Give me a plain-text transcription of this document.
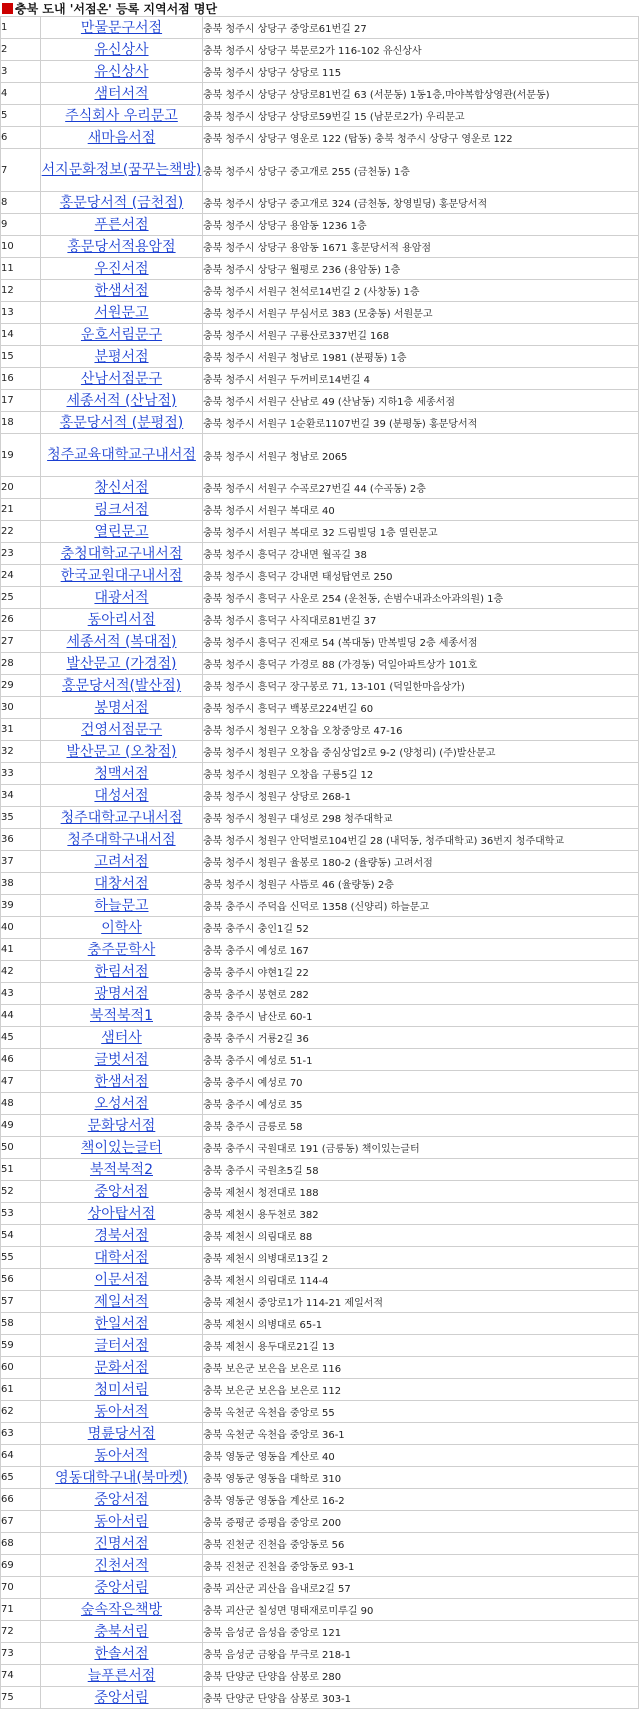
충북 도내 '서점온' 등록 지역서점 명단
1	만물문구서점	충북 청주시 상당구 중앙로61번길 27
2	유신상사	충북 청주시 상당구 북문로2가 116-102 유신상사
3	유신상사	충북 청주시 상당구 상당로 115
4	샘터서적	충북 청주시 상당구 상당로81번길 63 (서문동) 1동1층,마야복합상영관(서문동)
5	주식회사 우리문고	충북 청주시 상당구 상당로59번길 15 (남문로2가) 우리문고
6	새마음서점	충북 청주시 상당구 영운로 122 (탑동) 충북 청주시 상당구 영운로 122
7	서지문화정보(꿈꾸는책방)	충북 청주시 상당구 중고개로 255 (금천동) 1층
8	홍문당서적 (금천점)	충북 청주시 상당구 중고개로 324 (금천동, 창영빌딩) 홍문당서적
9	푸른서점	충북 청주시 상당구 용암동 1236 1층
10	홍문당서적용암점	충북 청주시 상당구 용암동 1671 홍문당서적 용암점
11	우진서점	충북 청주시 상당구 월평로 236 (용암동) 1층
12	한샘서점	충북 청주시 서원구 천석로14번길 2 (사창동) 1층
13	서원문고	충북 청주시 서원구 무심서로 383 (모충동) 서원문고
14	운호서림문구	충북 청주시 서원구 구룡산로337번길 168
15	분평서점	충북 청주시 서원구 청남로 1981 (분평동) 1층
16	산남서점문구	충북 청주시 서원구 두꺼비로14번길 4
17	세종서적 (산남점)	충북 청주시 서원구 산남로 49 (산남동) 지하1층 세종서점
18	홍문당서적 (분평점)	충북 청주시 서원구 1순환로1107번길 39 (분평동) 홍문당서적
19	청주교육대학교구내서점	충북 청주시 서원구 청남로 2065
20	창신서점	충북 청주시 서원구 수곡로27번길 44 (수곡동) 2층
21	링크서점	충북 청주시 서원구 복대로 40
22	열린문고	충북 청주시 서원구 복대로 32 드림빌딩 1층 열린문고
23	충청대학교구내서점	충북 청주시 흥덕구 강내면 월곡길 38
24	한국교원대구내서점	충북 청주시 흥덕구 강내면 태성탑연로 250
25	대광서적	충북 청주시 흥덕구 사운로 254 (운천동, 손범수내과소아과의원) 1층
26	동아리서점	충북 청주시 흥덕구 사직대로81번길 37
27	세종서적 (복대점)	충북 청주시 흥덕구 진재로 54 (복대동) 만복빌딩 2층 세종서점
28	발산문고 (가경점)	충북 청주시 흥덕구 가경로 88 (가경동) 덕일아파트상가 101호
29	홍문당서적(발산점)	충북 청주시 흥덕구 장구봉로 71, 13-101 (덕일한마음상가)
30	봉명서점	충북 청주시 흥덕구 백봉로224번길 60
31	건영서점문구	충북 청주시 청원구 오창읍 오창중앙로 47-16
32	발산문고 (오창점)	충북 청주시 청원구 오창읍 중심상업2로 9-2 (양청리) (주)발산문고
33	청맥서점	충북 청주시 청원구 오창읍 구룡5길 12
34	대성서점	충북 청주시 청원구 상당로 268-1
35	청주대학교구내서점	충북 청주시 청원구 대성로 298 청주대학교
36	청주대학구내서점	충북 청주시 청원구 안덕벌로104번길 28 (내덕동, 청주대학교) 36번지 청주대학교
37	고려서점	충북 청주시 청원구 율봉로 180-2 (율량동) 고려서점
38	대창서점	충북 청주시 청원구 사뜸로 46 (율량동) 2층
39	하늘문고	충북 충주시 주덕읍 신덕로 1358 (신양리) 하늘문고
40	이학사	충북 충주시 충인1길 52
41	충주문학사	충북 충주시 예성로 167
42	한림서점	충북 충주시 야현1길 22
43	광명서점	충북 충주시 봉현로 282
44	북적북적1	충북 충주시 남산로 60-1
45	샘터사	충북 충주시 거룡2길 36
46	글벗서점	충북 충주시 예성로 51-1
47	한샘서점	충북 충주시 예성로 70
48	오성서점	충북 충주시 예성로 35
49	문화당서점	충북 충주시 금릉로 58
50	책이있는글터	충북 충주시 국원대로 191 (금릉동) 책이있는글터
51	북적북적2	충북 충주시 국원초5길 58
52	중앙서점	충북 제천시 청전대로 188
53	상아탑서점	충북 제천시 용두천로 382
54	경북서점	충북 제천시 의림대로 88
55	대학서점	충북 제천시 의병대로13길 2
56	이문서점	충북 제천시 의림대로 114-4
57	제일서적	충북 제천시 중앙로1가 114-21 제일서적
58	한일서점	충북 제천시 의병대로 65-1
59	글터서점	충북 제천시 용두대로21길 13
60	문화서점	충북 보은군 보은읍 보은로 116
61	청미서림	충북 보은군 보은읍 보은로 112
62	동아서적	충북 옥천군 옥천읍 중앙로 55
63	명륜당서점	충북 옥천군 옥천읍 중앙로 36-1
64	동아서적	충북 영동군 영동읍 계산로 40
65	영동대학구내(북마켓)	충북 영동군 영동읍 대학로 310
66	중앙서점	충북 영동군 영동읍 계산로 16-2
67	동아서림	충북 증평군 증평읍 중앙로 200
68	진명서점	충북 진천군 진천읍 중앙동로 56
69	진천서적	충북 진천군 진천읍 중앙동로 93-1
70	중앙서림	충북 괴산군 괴산읍 읍내로2길 57
71	숲속작은책방	충북 괴산군 칠성면 명태재로미루길 90
72	충북서림	충북 음성군 음성읍 중앙로 121
73	한솔서점	충북 음성군 금왕읍 무극로 218-1
74	늘푸른서점	충북 단양군 단양읍 삼봉로 280
75	중앙서림	충북 단양군 단양읍 삼봉로 303-1
